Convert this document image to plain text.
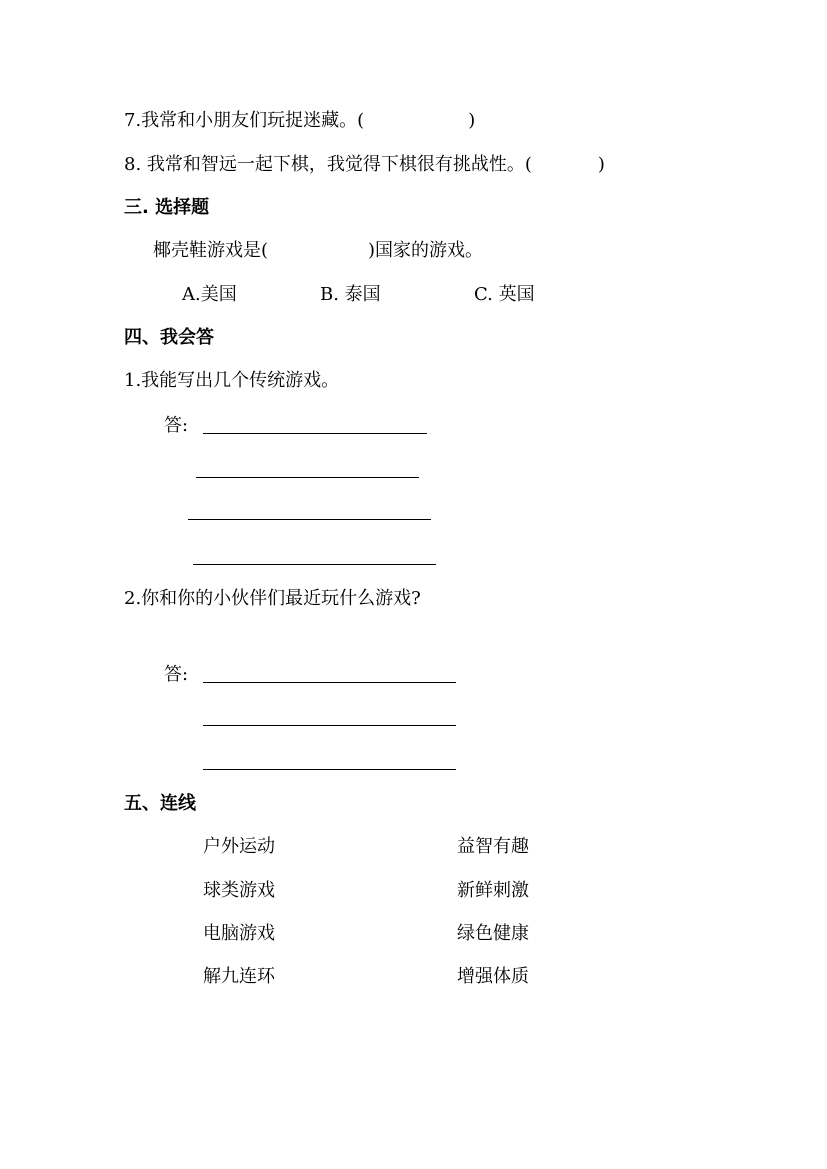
7.我常和小朋友们玩捉迷藏。(	)
8. 我常和智远一起下棋，我觉得下棋很有挑战性。(	)
三. 选择题
椰壳鞋游戏是(	)国家的游戏。
A.美国	B. 泰国	C. 英国
四、我会答
1.我能写出几个传统游戏。
答:
2.你和你的小伙伴们最近玩什么游戏?
答:
五、连线
户外运动	益智有趣
球类游戏	新鲜刺激
电脑游戏	绿色健康
解九连环	增强体质
